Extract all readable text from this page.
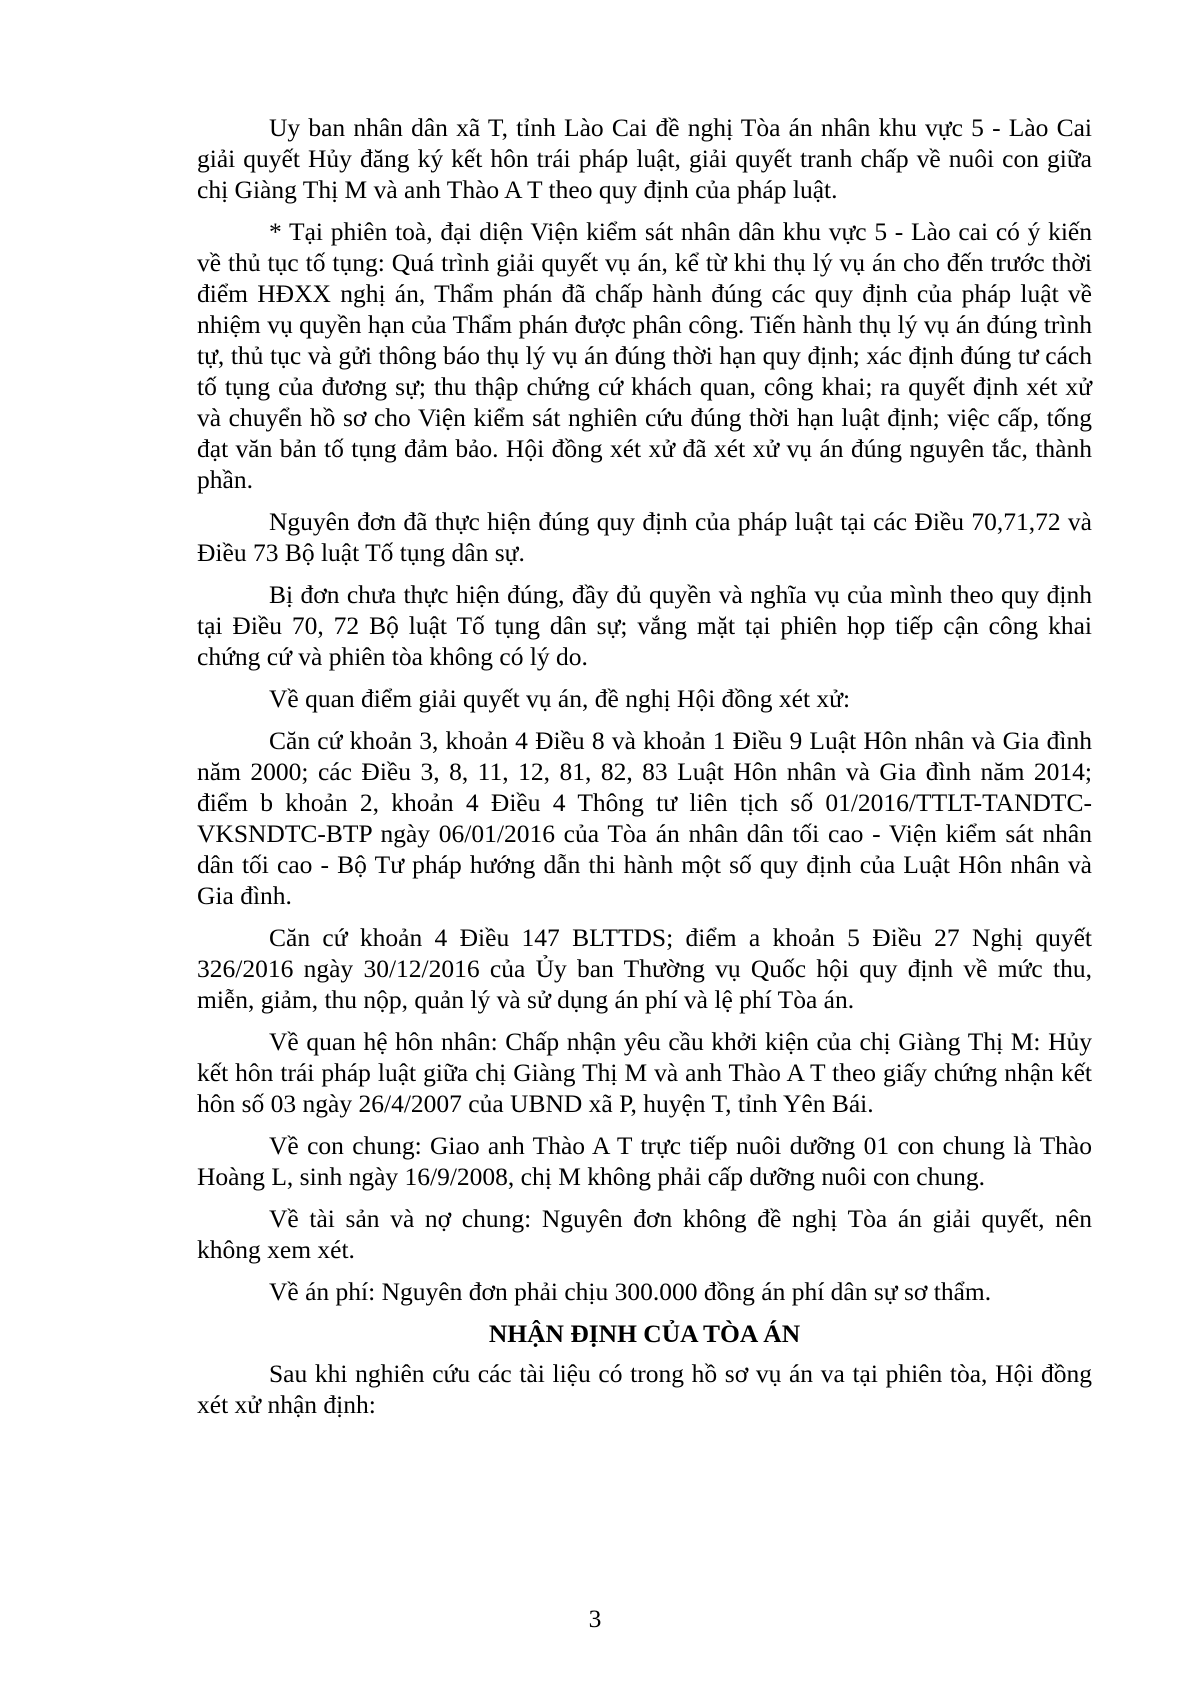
Uy ban nhân dân xã T, tỉnh Lào Cai đề nghị Tòa án nhân khu vực 5 - Lào Cai giải quyết Hủy đăng ký kết hôn trái pháp luật, giải quyết tranh chấp về nuôi con giữa chị Giàng Thị M và anh Thào A T theo quy định của pháp luật.

* Tại phiên toà, đại diện Viện kiểm sát nhân dân khu vực 5 - Lào cai có ý kiến về thủ tục tố tụng: Quá trình giải quyết vụ án, kể từ khi thụ lý vụ án cho đến trước thời điểm HĐXX nghị án, Thẩm phán đã chấp hành đúng các quy định của pháp luật về nhiệm vụ quyền hạn của Thẩm phán được phân công. Tiến hành thụ lý vụ án đúng trình tự, thủ tục và gửi thông báo thụ lý vụ án đúng thời hạn quy định; xác định đúng tư cách tố tụng của đương sự; thu thập chứng cứ khách quan, công khai; ra quyết định xét xử và chuyển hồ sơ cho Viện kiểm sát nghiên cứu đúng thời hạn luật định; việc cấp, tống đạt văn bản tố tụng đảm bảo. Hội đồng xét xử đã xét xử vụ án đúng nguyên tắc, thành phần.

Nguyên đơn đã thực hiện đúng quy định của pháp luật tại các Điều 70,71,72 và Điều 73 Bộ luật Tố tụng dân sự.

Bị đơn chưa thực hiện đúng, đầy đủ quyền và nghĩa vụ của mình theo quy định tại Điều 70, 72 Bộ luật Tố tụng dân sự; vắng mặt tại phiên họp tiếp cận công khai chứng cứ và phiên tòa không có lý do.

Về quan điểm giải quyết vụ án, đề nghị Hội đồng xét xử:

Căn cứ khoản 3, khoản 4 Điều 8 và khoản 1 Điều 9 Luật Hôn nhân và Gia đình năm 2000; các Điều 3, 8, 11, 12, 81, 82, 83 Luật Hôn nhân và Gia đình năm 2014; điểm b khoản 2, khoản 4 Điều 4 Thông tư liên tịch số 01/2016/TTLT-TANDTC-VKSNDTC-BTP ngày 06/01/2016 của Tòa án nhân dân tối cao - Viện kiểm sát nhân dân tối cao - Bộ Tư pháp hướng dẫn thi hành một số quy định của Luật Hôn nhân và Gia đình.

Căn cứ khoản 4 Điều 147 BLTTDS; điểm a khoản 5 Điều 27 Nghị quyết 326/2016 ngày 30/12/2016 của Ủy ban Thường vụ Quốc hội quy định về mức thu, miễn, giảm, thu nộp, quản lý và sử dụng án phí và lệ phí Tòa án.

Về quan hệ hôn nhân: Chấp nhận yêu cầu khởi kiện của chị Giàng Thị M: Hủy kết hôn trái pháp luật giữa chị Giàng Thị M và anh Thào A T theo giấy chứng nhận kết hôn số 03 ngày 26/4/2007 của UBND xã P, huyện T, tỉnh Yên Bái.

Về con chung: Giao anh Thào A T trực tiếp nuôi dưỡng 01 con chung là Thào Hoàng L, sinh ngày 16/9/2008, chị M không phải cấp dưỡng nuôi con chung.

Về tài sản và nợ chung: Nguyên đơn không đề nghị Tòa án giải quyết, nên không xem xét.

Về án phí: Nguyên đơn phải chịu 300.000 đồng án phí dân sự sơ thẩm.

NHẬN ĐỊNH CỦA TÒA ÁN

Sau khi nghiên cứu các tài liệu có trong hồ sơ vụ án va tại phiên tòa, Hội đồng xét xử nhận định:

3
